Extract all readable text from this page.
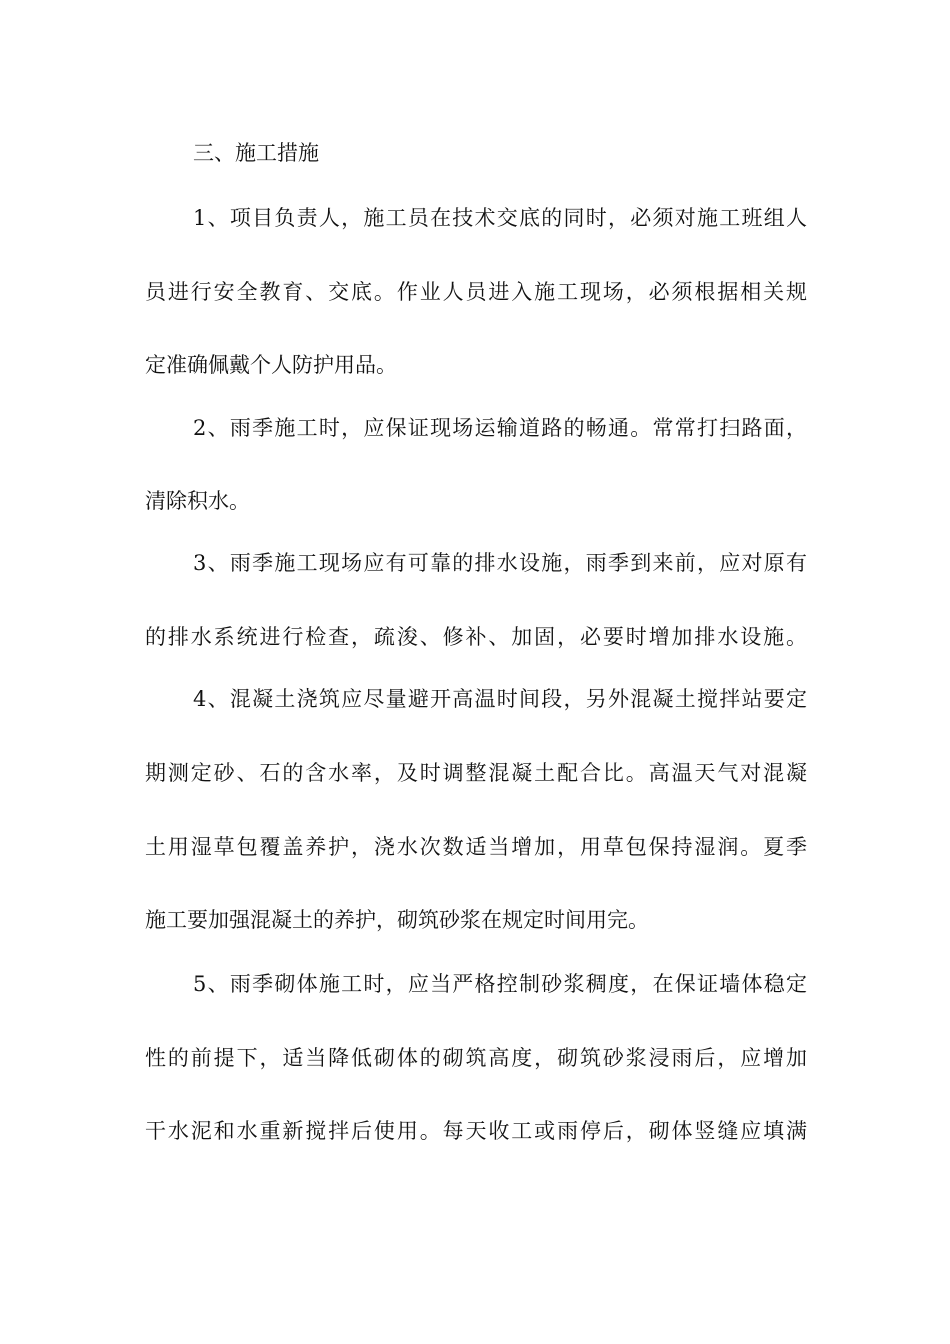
三、施工措施
1、项目负责人，施工员在技术交底的同时，必须对施工班组人
员进行安全教育、交底。作业人员进入施工现场，必须根据相关规
定准确佩戴个人防护用品。
2、雨季施工时，应保证现场运输道路的畅通。常常打扫路面，
清除积水。
3、雨季施工现场应有可靠的排水设施，雨季到来前，应对原有
的排水系统进行检查，疏浚、修补、加固，必要时增加排水设施。
4、混凝土浇筑应尽量避开高温时间段，另外混凝土搅拌站要定
期测定砂、石的含水率，及时调整混凝土配合比。高温天气对混凝
土用湿草包覆盖养护，浇水次数适当增加，用草包保持湿润。夏季
施工要加强混凝土的养护，砌筑砂浆在规定时间用完。
5、雨季砌体施工时，应当严格控制砂浆稠度，在保证墙体稳定
性的前提下，适当降低砌体的砌筑高度，砌筑砂浆浸雨后，应增加
干水泥和水重新搅拌后使用。每天收工或雨停后，砌体竖缝应填满
